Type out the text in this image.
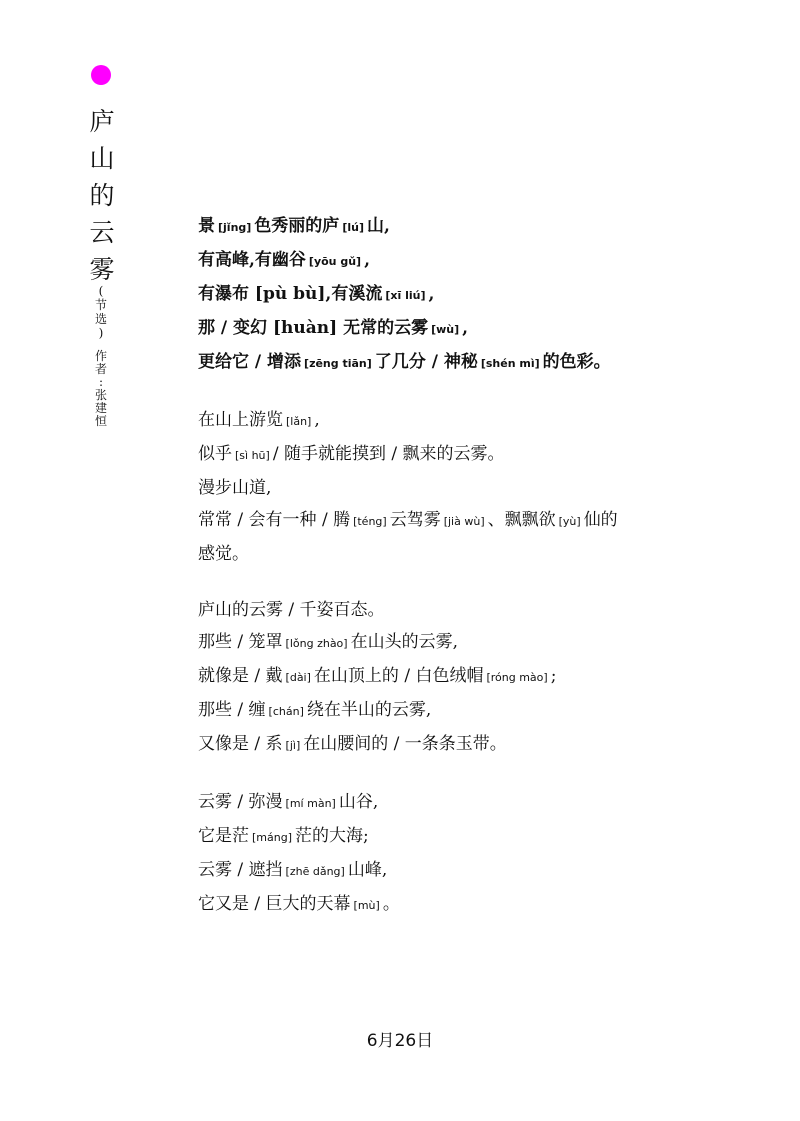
庐
山
的
云
雾
(
节
选
)
作
者
:
张
建
恒
景 [jǐng] 色秀丽的庐 [lú] 山,
有高峰,有幽谷 [yōu gǔ] ,
有瀑布 [pù bù],有溪流 [xī liú] ,
那 / 变幻 [huàn] 无常的云雾 [wù] ,
更给它 / 增添 [zēng tiān] 了几分 / 神秘 [shén mì] 的色彩。
在山上游览 [lǎn] ,
似乎 [sì hū] / 随手就能摸到 / 飘来的云雾。
漫步山道,
常常 / 会有一种 / 腾 [téng] 云驾雾 [jià wù] 、飘飘欲 [yù] 仙的
感觉。
庐山的云雾 / 千姿百态。
那些 / 笼罩 [lǒng zhào] 在山头的云雾,
就像是 / 戴 [dài] 在山顶上的 / 白色绒帽 [róng mào] ;
那些 / 缠 [chán] 绕在半山的云雾,
又像是 / 系 [jì] 在山腰间的 / 一条条玉带。
云雾 / 弥漫 [mí màn] 山谷,
它是茫 [máng] 茫的大海;
云雾 / 遮挡 [zhē dǎng] 山峰,
它又是 / 巨大的天幕 [mù] 。
6月26日
